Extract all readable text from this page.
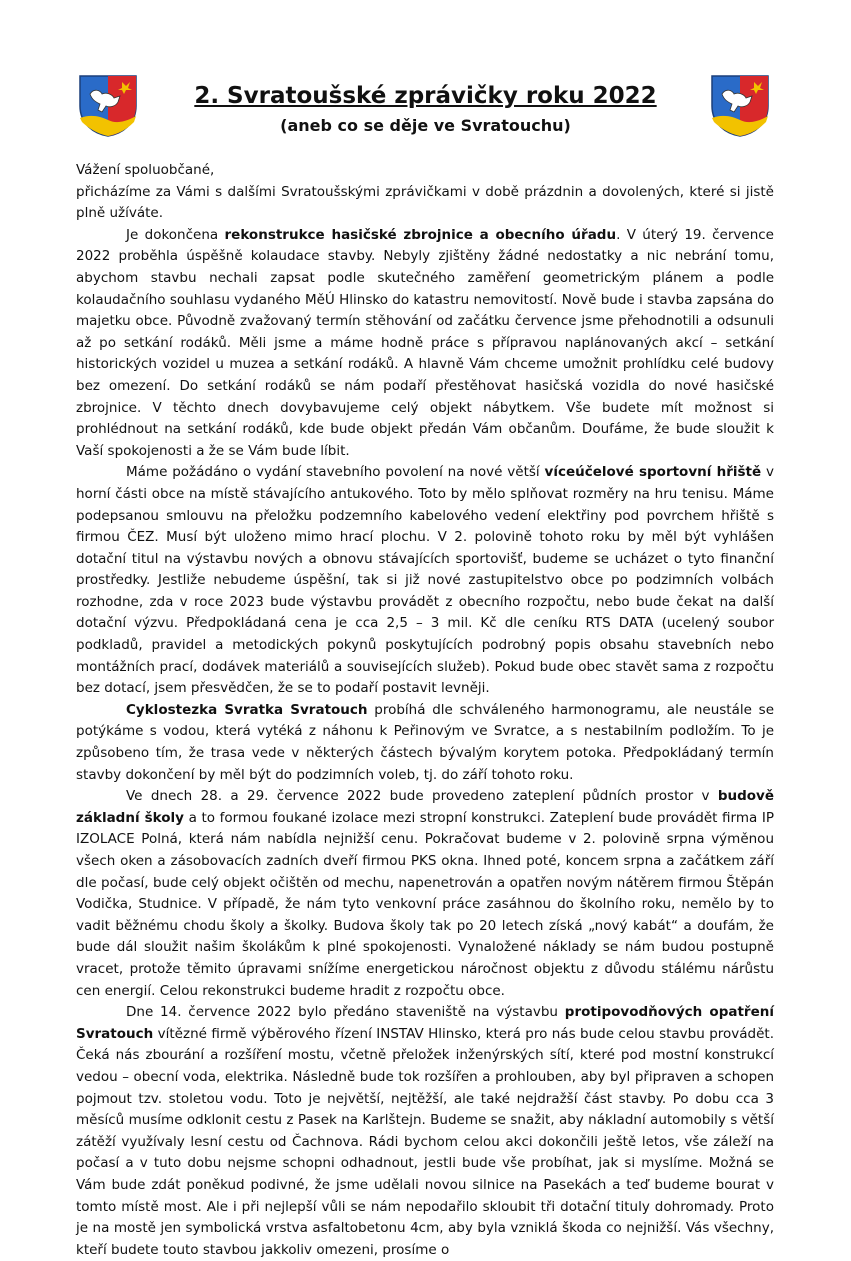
2. Svratoušské zprávičky roku 2022
(aneb co se děje ve Svratouchu)

Vážení spoluobčané,

přicházíme za Vámi s dalšími Svratoušskými zprávičkami v době prázdnin a dovolených, které si jistě plně užíváte.

Je dokončena rekonstrukce hasičské zbrojnice a obecního úřadu. V úterý 19. července 2022 proběhla úspěšně kolaudace stavby. Nebyly zjištěny žádné nedostatky a nic nebrání tomu, abychom stavbu nechali zapsat podle skutečného zaměření geometrickým plánem a podle kolaudačního souhlasu vydaného MěÚ Hlinsko do katastru nemovitostí. Nově bude i stavba zapsána do majetku obce. Původně zvažovaný termín stěhování od začátku července jsme přehodnotili a odsunuli až po setkání rodáků. Měli jsme a máme hodně práce s přípravou naplánovaných akcí – setkání historických vozidel u muzea a setkání rodáků. A hlavně Vám chceme umožnit prohlídku celé budovy bez omezení. Do setkání rodáků se nám podaří přestěhovat hasičská vozidla do nové hasičské zbrojnice. V těchto dnech dovybavujeme celý objekt nábytkem. Vše budete mít možnost si prohlédnout na setkání rodáků, kde bude objekt předán Vám občanům. Doufáme, že bude sloužit k Vaší spokojenosti a že se Vám bude líbit.

Máme požádáno o vydání stavebního povolení na nové větší víceúčelové sportovní hřiště v horní části obce na místě stávajícího antukového. Toto by mělo splňovat rozměry na hru tenisu. Máme podepsanou smlouvu na přeložku podzemního kabelového vedení elektřiny pod povrchem hřiště s firmou ČEZ. Musí být uloženo mimo hrací plochu. V 2. polovině tohoto roku by měl být vyhlášen dotační titul na výstavbu nových a obnovu stávajících sportovišť, budeme se ucházet o tyto finanční prostředky. Jestliže nebudeme úspěšní, tak si již nové zastupitelstvo obce po podzimních volbách rozhodne, zda v roce 2023 bude výstavbu provádět z obecního rozpočtu, nebo bude čekat na další dotační výzvu. Předpokládaná cena je cca 2,5 – 3 mil. Kč dle ceníku RTS DATA (ucelený soubor podkladů, pravidel a metodických pokynů poskytujících podrobný popis obsahu stavebních nebo montážních prací, dodávek materiálů a souvisejících služeb). Pokud bude obec stavět sama z rozpočtu bez dotací, jsem přesvědčen, že se to podaří postavit levněji.

Cyklostezka Svratka Svratouch probíhá dle schváleného harmonogramu, ale neustále se potýkáme s vodou, která vytéká z náhonu k Peřinovým ve Svratce, a s nestabilním podložím. To je způsobeno tím, že trasa vede v některých částech bývalým korytem potoka. Předpokládaný termín stavby dokončení by měl být do podzimních voleb, tj. do září tohoto roku.

Ve dnech 28. a 29. července 2022 bude provedeno zateplení půdních prostor v budově základní školy a to formou foukané izolace mezi stropní konstrukci. Zateplení bude provádět firma IP IZOLACE Polná, která nám nabídla nejnižší cenu. Pokračovat budeme v 2. polovině srpna výměnou všech oken a zásobovacích zadních dveří firmou PKS okna. Ihned poté, koncem srpna a začátkem září dle počasí, bude celý objekt očištěn od mechu, napenetrován a opatřen novým nátěrem firmou Štěpán Vodička, Studnice. V případě, že nám tyto venkovní práce zasáhnou do školního roku, nemělo by to vadit běžnému chodu školy a školky. Budova školy tak po 20 letech získá „nový kabát“ a doufám, že bude dál sloužit našim školákům k plné spokojenosti. Vynaložené náklady se nám budou postupně vracet, protože těmito úpravami snížíme energetickou náročnost objektu z důvodu stálému nárůstu cen energií. Celou rekonstrukci budeme hradit z rozpočtu obce.

Dne 14. července 2022 bylo předáno staveniště na výstavbu protipovodňových opatření Svratouch vítězné firmě výběrového řízení INSTAV Hlinsko, která pro nás bude celou stavbu provádět. Čeká nás zbourání a rozšíření mostu, včetně přeložek inženýrských sítí, které pod mostní konstrukcí vedou – obecní voda, elektrika. Následně bude tok rozšířen a prohlouben, aby byl připraven a schopen pojmout tzv. stoletou vodu. Toto je největší, nejtěžší, ale také nejdražší část stavby. Po dobu cca 3 měsíců musíme odklonit cestu z Pasek na Karlštejn. Budeme se snažit, aby nákladní automobily s větší zátěží využívaly lesní cestu od Čachnova. Rádi bychom celou akci dokončili ještě letos, vše záleží na počasí a v tuto dobu nejsme schopni odhadnout, jestli bude vše probíhat, jak si myslíme. Možná se Vám bude zdát poněkud podivné, že jsme udělali novou silnice na Pasekách a teď budeme bourat v tomto místě most. Ale i při nejlepší vůli se nám nepodařilo skloubit tři dotační tituly dohromady. Proto je na mostě jen symbolická vrstva asfaltobetonu 4cm, aby byla vzniklá škoda co nejnižší. Vás všechny, kteří budete touto stavbou jakkoliv omezeni, prosíme o
